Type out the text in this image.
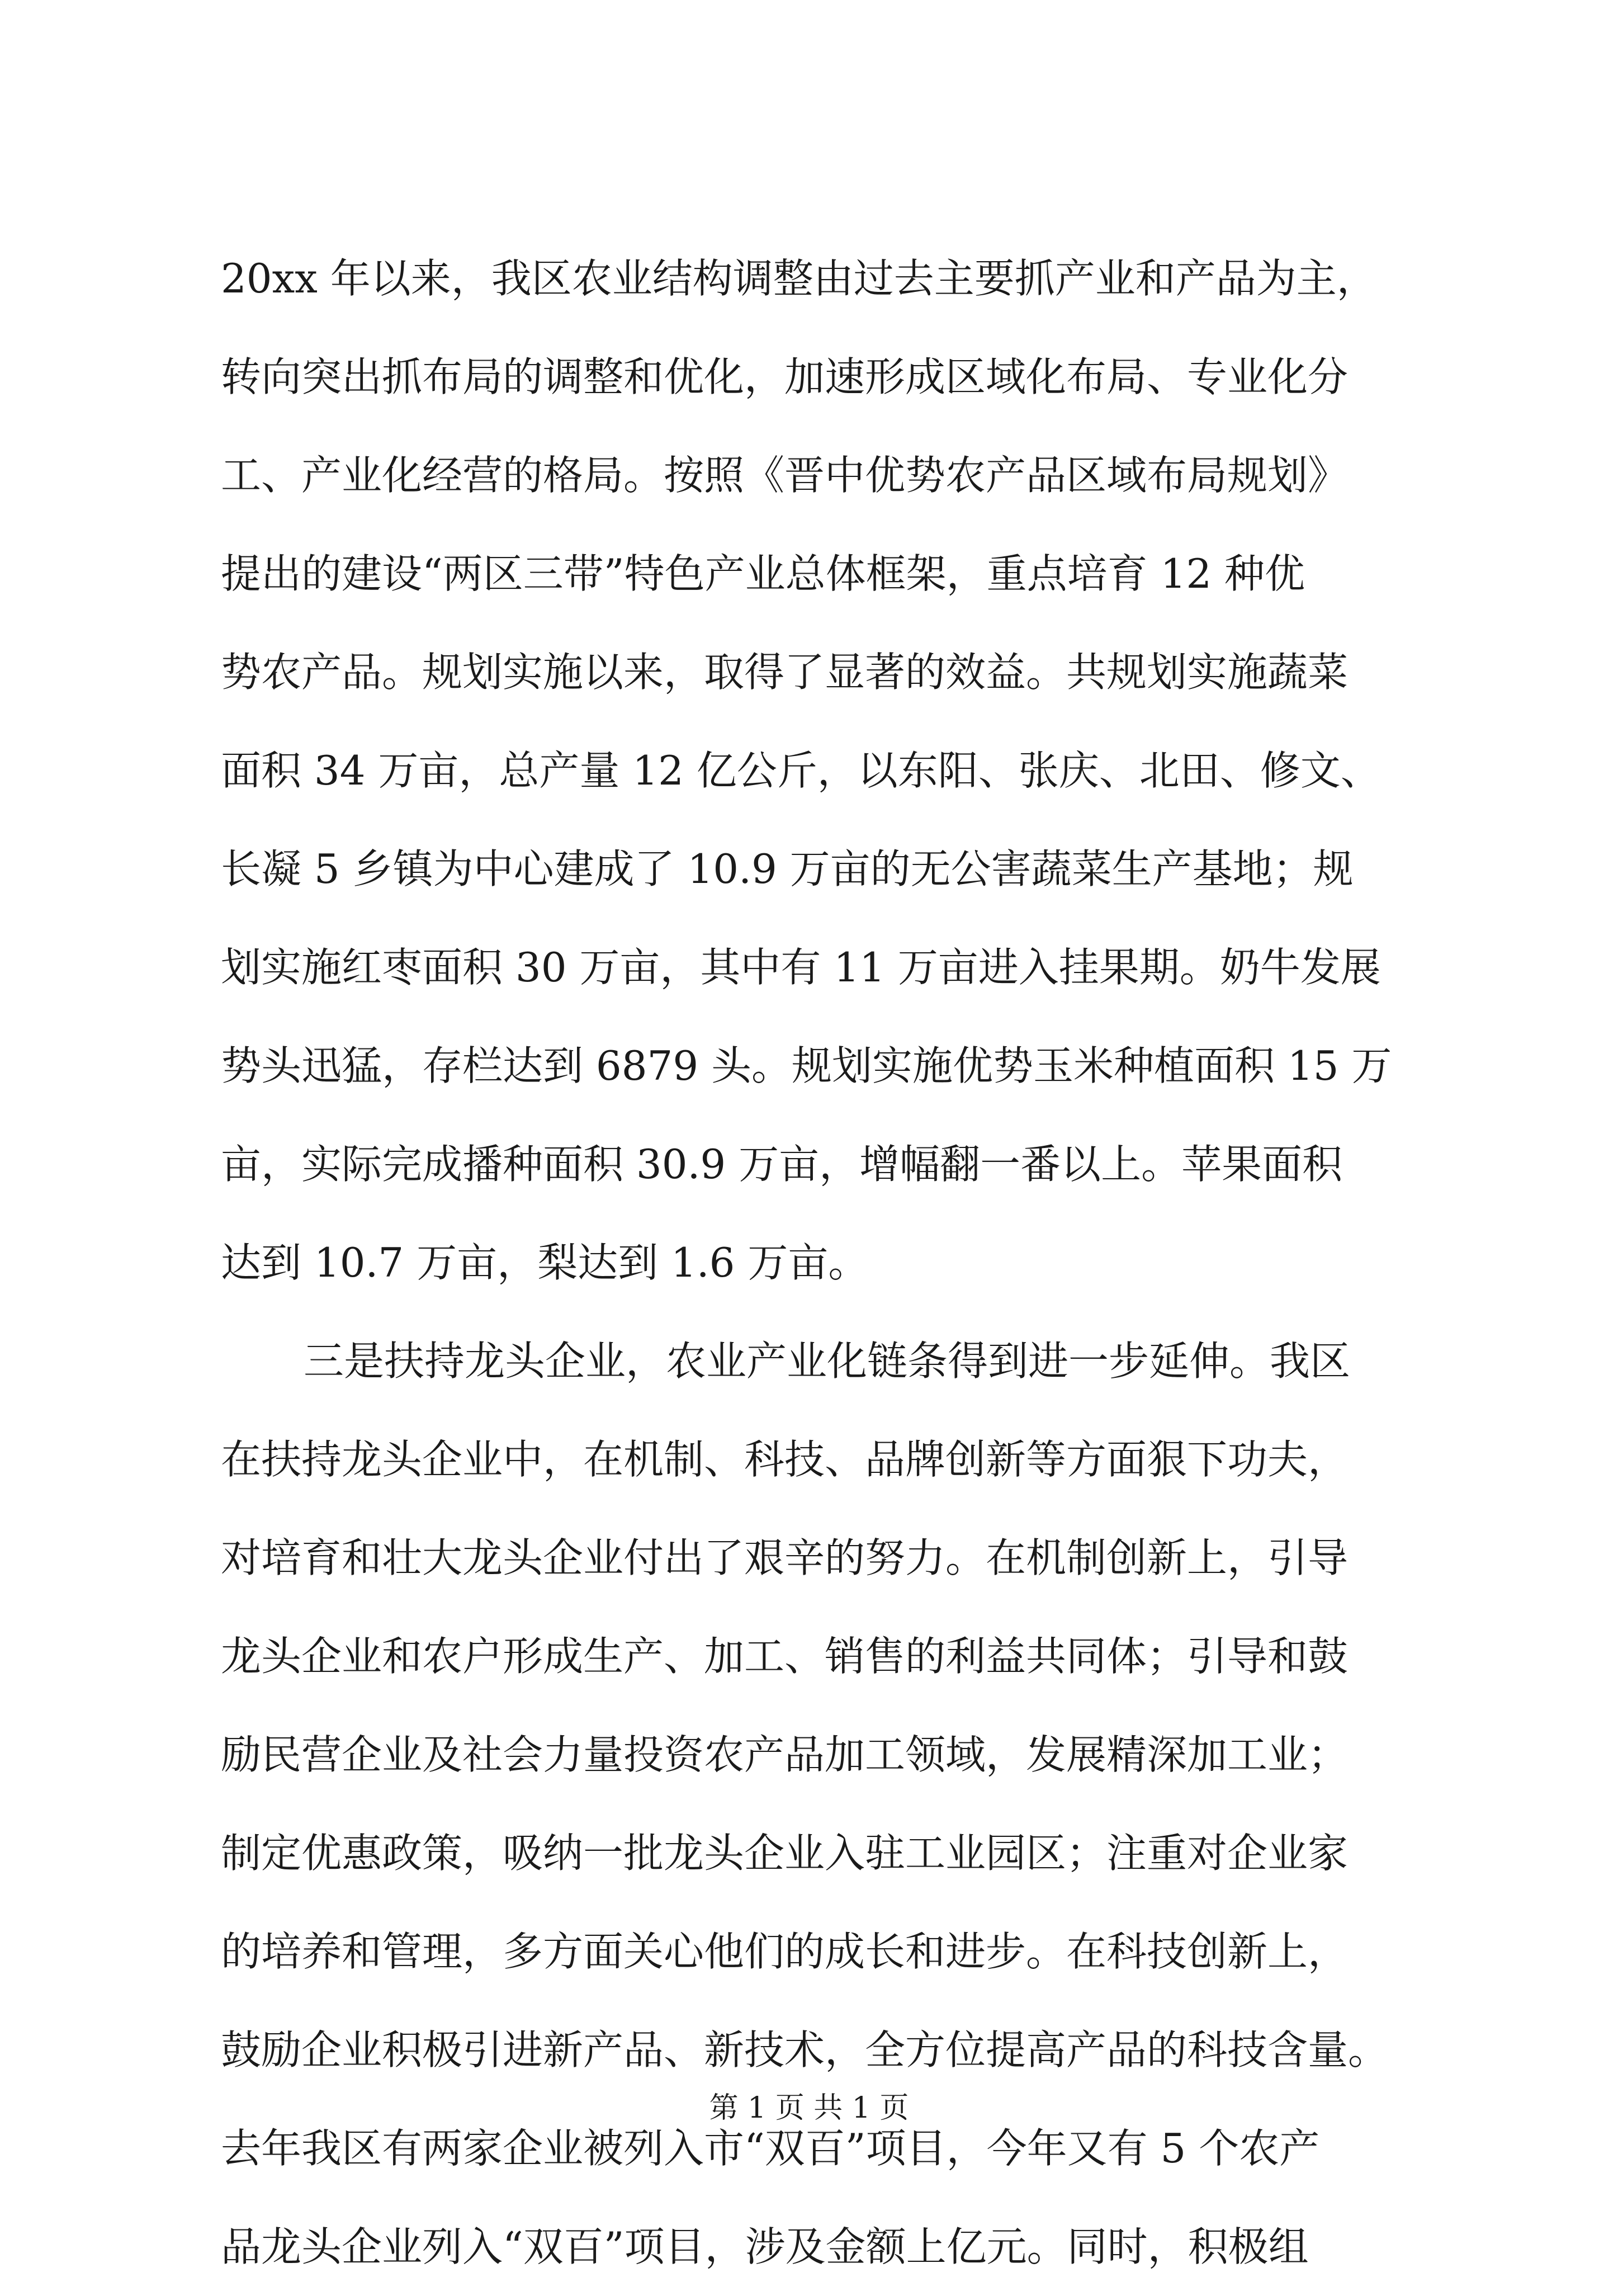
20xx 年以来，我区农业结构调整由过去主要抓产业和产品为主，
转向突出抓布局的调整和优化，加速形成区域化布局、专业化分
工、产业化经营的格局。按照《晋中优势农产品区域布局规划》
提出的建设“两区三带”特色产业总体框架，重点培育 12 种优
势农产品。规划实施以来，取得了显著的效益。共规划实施蔬菜
面积 34 万亩，总产量 12 亿公斤，以东阳、张庆、北田、修文、
长凝 5 乡镇为中心建成了 10.9 万亩的无公害蔬菜生产基地；规
划实施红枣面积 30 万亩，其中有 11 万亩进入挂果期。奶牛发展
势头迅猛，存栏达到 6879 头。规划实施优势玉米种植面积 15 万
亩，实际完成播种面积 30.9 万亩，增幅翻一番以上。苹果面积
达到 10.7 万亩，梨达到 1.6 万亩。
三是扶持龙头企业，农业产业化链条得到进一步延伸。我区
在扶持龙头企业中，在机制、科技、品牌创新等方面狠下功夫，
对培育和壮大龙头企业付出了艰辛的努力。在机制创新上，引导
龙头企业和农户形成生产、加工、销售的利益共同体；引导和鼓
励民营企业及社会力量投资农产品加工领域，发展精深加工业；
制定优惠政策，吸纳一批龙头企业入驻工业园区；注重对企业家
的培养和管理，多方面关心他们的成长和进步。在科技创新上，
鼓励企业积极引进新产品、新技术，全方位提高产品的科技含量。
去年我区有两家企业被列入市“双百”项目，今年又有 5 个农产
品龙头企业列入“双百”项目，涉及金额上亿元。同时，积极组
第 1 页 共 1 页
